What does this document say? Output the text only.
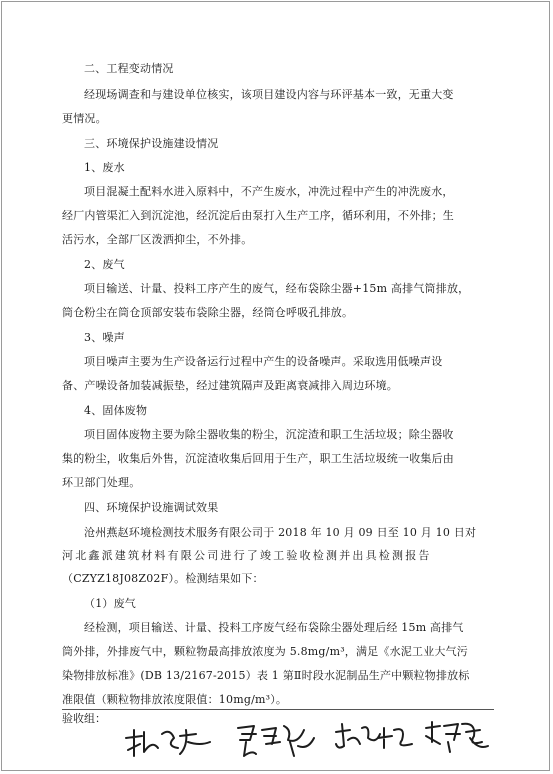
二、工程变动情况
经现场调查和与建设单位核实，该项目建设内容与环评基本一致，无重大变
更情况。
三、环境保护设施建设情况
1、废水
项目混凝土配料水进入原料中，不产生废水，冲洗过程中产生的冲洗废水，
经厂内管渠汇入到沉淀池，经沉淀后由泵打入生产工序，循环利用，不外排；生
活污水，全部厂区泼洒抑尘，不外排。
2、废气
项目输送、计量、投料工序产生的废气，经布袋除尘器+15m 高排气筒排放，
筒仓粉尘在筒仓顶部安装布袋除尘器，经筒仓呼吸孔排放。
3、噪声
项目噪声主要为生产设备运行过程中产生的设备噪声。采取选用低噪声设
备、产噪设备加装减振垫，经过建筑隔声及距离衰减排入周边环境。
4、固体废物
项目固体废物主要为除尘器收集的粉尘，沉淀渣和职工生活垃圾；除尘器收
集的粉尘，收集后外售，沉淀渣收集后回用于生产，职工生活垃圾统一收集后由
环卫部门处理。
四、环境保护设施调试效果
沧州燕赵环境检测技术服务有限公司于 2018 年 10 月 09 日至 10 月 10 日对
河北鑫派建筑材料有限公司进行了竣工验收检测并出具检测报告
（CZYZ18J08Z02F）。检测结果如下：
（1）废气
经检测，项目输送、计量、投料工序废气经布袋除尘器处理后经 15m 高排气
筒外排，外排废气中，颗粒物最高排放浓度为 5.8mg/m³，满足《水泥工业大气污
染物排放标准》(DB 13/2167-2015）表 1 第Ⅱ时段水泥制品生产中颗粒物排放标
准限值（颗粒物排放浓度限值：10mg/m³）。
验收组：
